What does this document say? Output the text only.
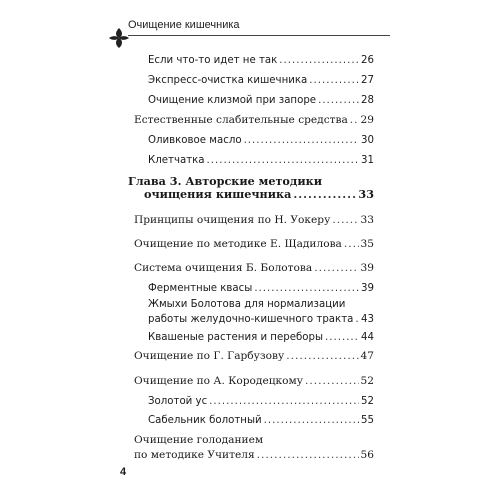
Очищение кишечника
Если что-то идет не так .....	26
Экспресс-очистка кишечника .....	27
Очищение клизмой при запоре .....	28
Естественные слабительные средства ..... 29
Оливковое масло .....	30
Клетчатка .....	31
Глава 3. Авторские методики
очищения кишечника .....	33
Принципы очищения по Н. Уокеру .....	33
Очищение по методике Е. Щадилова ..... 35
Система очищения Б. Болотова .....	39
Ферментные квасы .....	39
Жмыхи Болотова для нормализации
работы желудочно-кишечного тракта ..... 43
Квашеные растения и переборы .....	44
Очищение по Г. Гарбузову .....	47
Очищение по А. Кородецкому .....	52
Золотой ус .....	52
Сабельник болотный .....	55
Очищение голоданием
по методике Учителя .....	56
4
